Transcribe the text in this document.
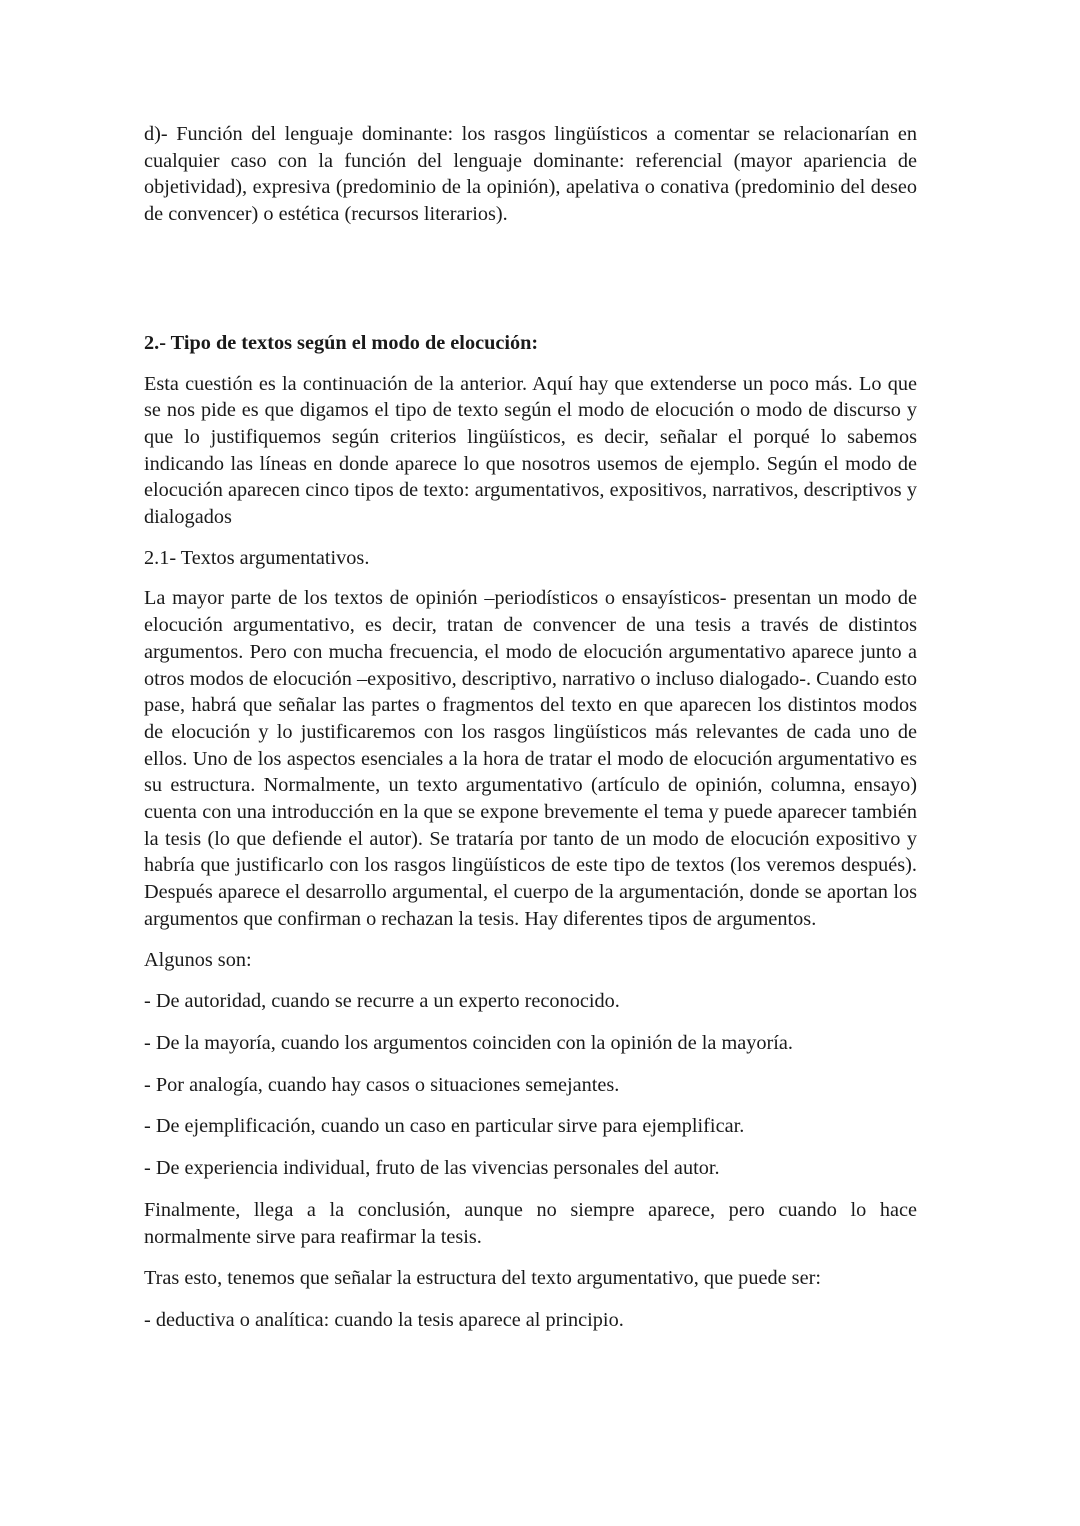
d)- Función del lenguaje dominante: los rasgos lingüísticos a comentar se relacionarían en cualquier caso con la función del lenguaje dominante: referencial (mayor apariencia de objetividad), expresiva (predominio de la opinión), apelativa o conativa (predominio del deseo de convencer) o estética (recursos literarios).

2.- Tipo de textos según el modo de elocución:

Esta cuestión es la continuación de la anterior. Aquí hay que extenderse un poco más. Lo que se nos pide es que digamos el tipo de texto según el modo de elocución o modo de discurso y que lo justifiquemos según criterios lingüísticos, es decir, señalar el porqué lo sabemos indicando las líneas en donde aparece lo que nosotros usemos de ejemplo. Según el modo de elocución aparecen cinco tipos de texto: argumentativos, expositivos, narrativos, descriptivos y dialogados

2.1- Textos argumentativos.

La mayor parte de los textos de opinión –periodísticos o ensayísticos- presentan un modo de elocución argumentativo, es decir, tratan de convencer de una tesis a través de distintos argumentos. Pero con mucha frecuencia, el modo de elocución argumentativo aparece junto a otros modos de elocución –expositivo, descriptivo, narrativo o incluso dialogado-. Cuando esto pase, habrá que señalar las partes o fragmentos del texto en que aparecen los distintos modos de elocución y lo justificaremos con los rasgos lingüísticos más relevantes de cada uno de ellos. Uno de los aspectos esenciales a la hora de tratar el modo de elocución argumentativo es su estructura. Normalmente, un texto argumentativo (artículo de opinión, columna, ensayo) cuenta con una introducción en la que se expone brevemente el tema y puede aparecer también la tesis (lo que defiende el autor). Se trataría por tanto de un modo de elocución expositivo y habría que justificarlo con los rasgos lingüísticos de este tipo de textos (los veremos después). Después aparece el desarrollo argumental, el cuerpo de la argumentación, donde se aportan los argumentos que confirman o rechazan la tesis. Hay diferentes tipos de argumentos.

Algunos son:

- De autoridad, cuando se recurre a un experto reconocido.

- De la mayoría, cuando los argumentos coinciden con la opinión de la mayoría.

- Por analogía, cuando hay casos o situaciones semejantes.

- De ejemplificación, cuando un caso en particular sirve para ejemplificar.

- De experiencia individual, fruto de las vivencias personales del autor.

Finalmente, llega a la conclusión, aunque no siempre aparece, pero cuando lo hace normalmente sirve para reafirmar la tesis.

Tras esto, tenemos que señalar la estructura del texto argumentativo, que puede ser:

- deductiva o analítica: cuando la tesis aparece al principio.
